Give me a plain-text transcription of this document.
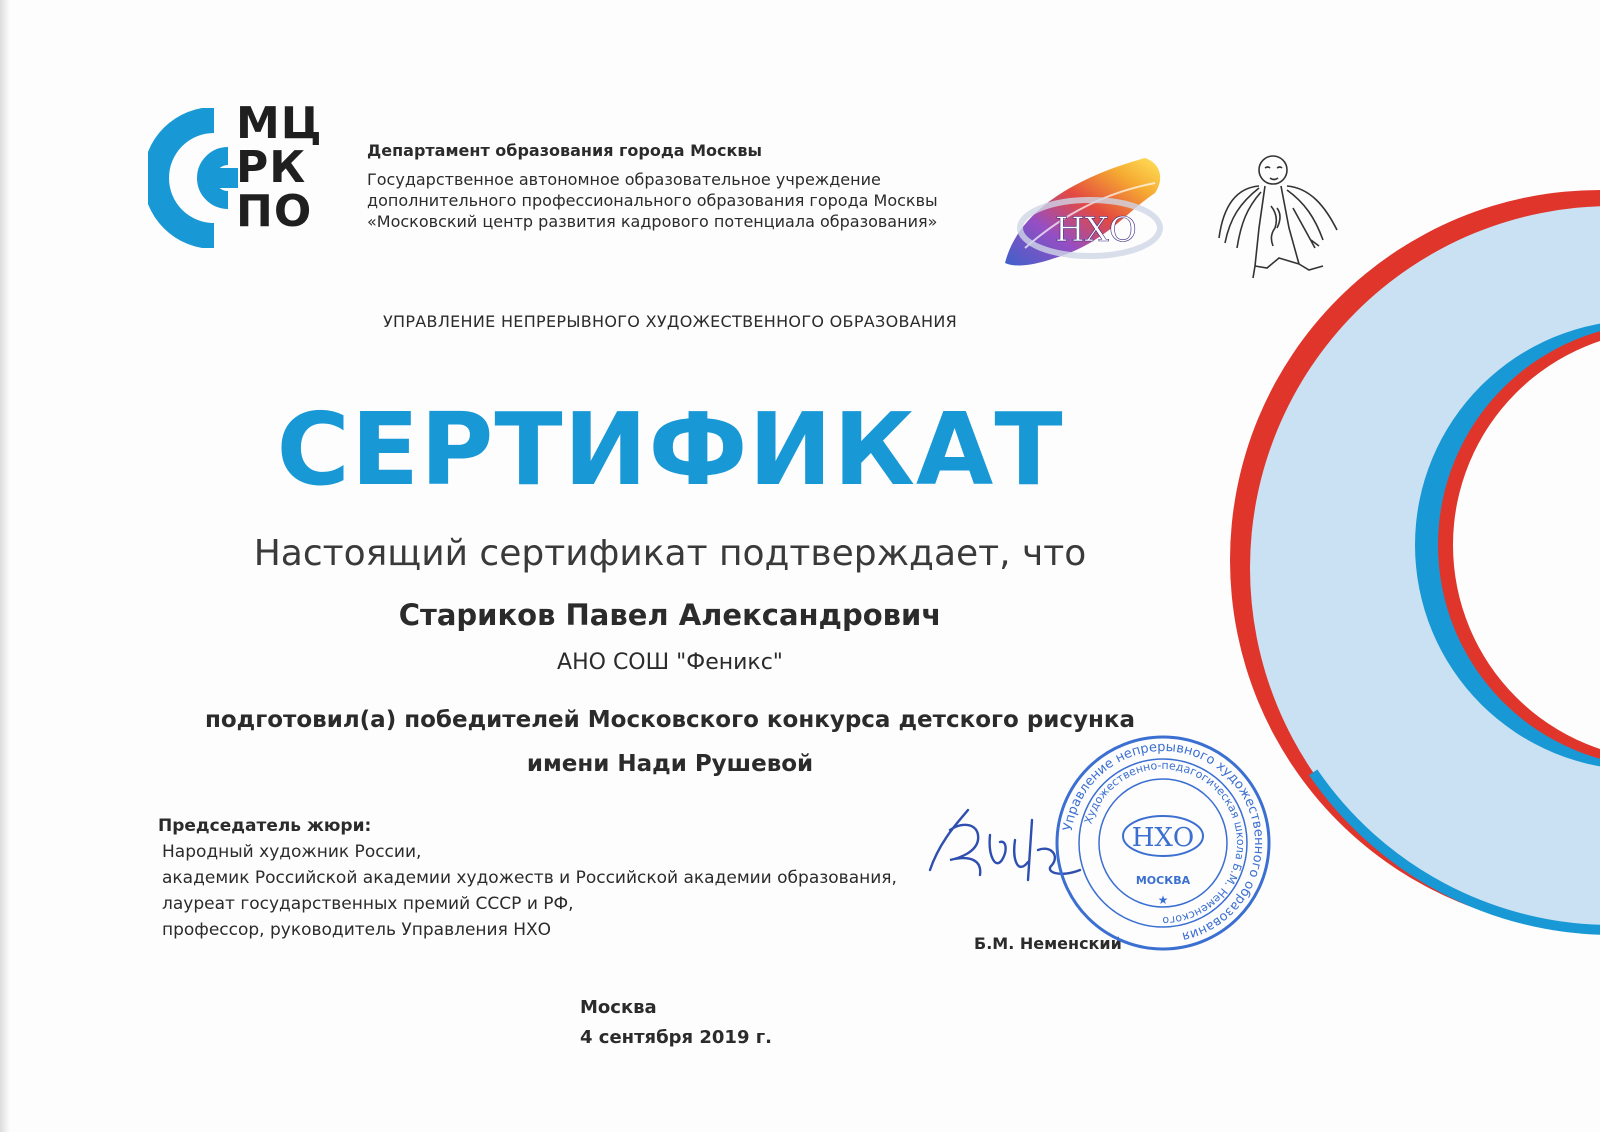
МЦ
РК
ПО
Департамент образования города Москвы
Государственное автономное образовательное учреждение
дополнительного профессионального образования города Москвы
«Московский центр развития кадрового потенциала образования»	НХО
УПРАВЛЕНИЕ НЕПРЕРЫВНОГО ХУДОЖЕСТВЕННОГО ОБРАЗОВАНИЯ
СЕРТИФИКАТ
Настоящий сертификат подтверждает, что
Стариков Павел Александрович
АНО СОШ "Феникс"
подготовил(а) победителей Московского конкурса детского рисунка
имени Нади Рушевой
Председатель жюри:
Народный художник России,
академик Российской академии художеств и Российской академии образования,
лауреат государственных премий СССР и РФ,
профессор, руководитель Управления НХО
Б.М. Неменский
Управление непрерывного художественного образования
Художественно-педагогическая школа Б.М. Неменского
НХО
МОСКВА
★
Москва
4 сентября 2019 г.
